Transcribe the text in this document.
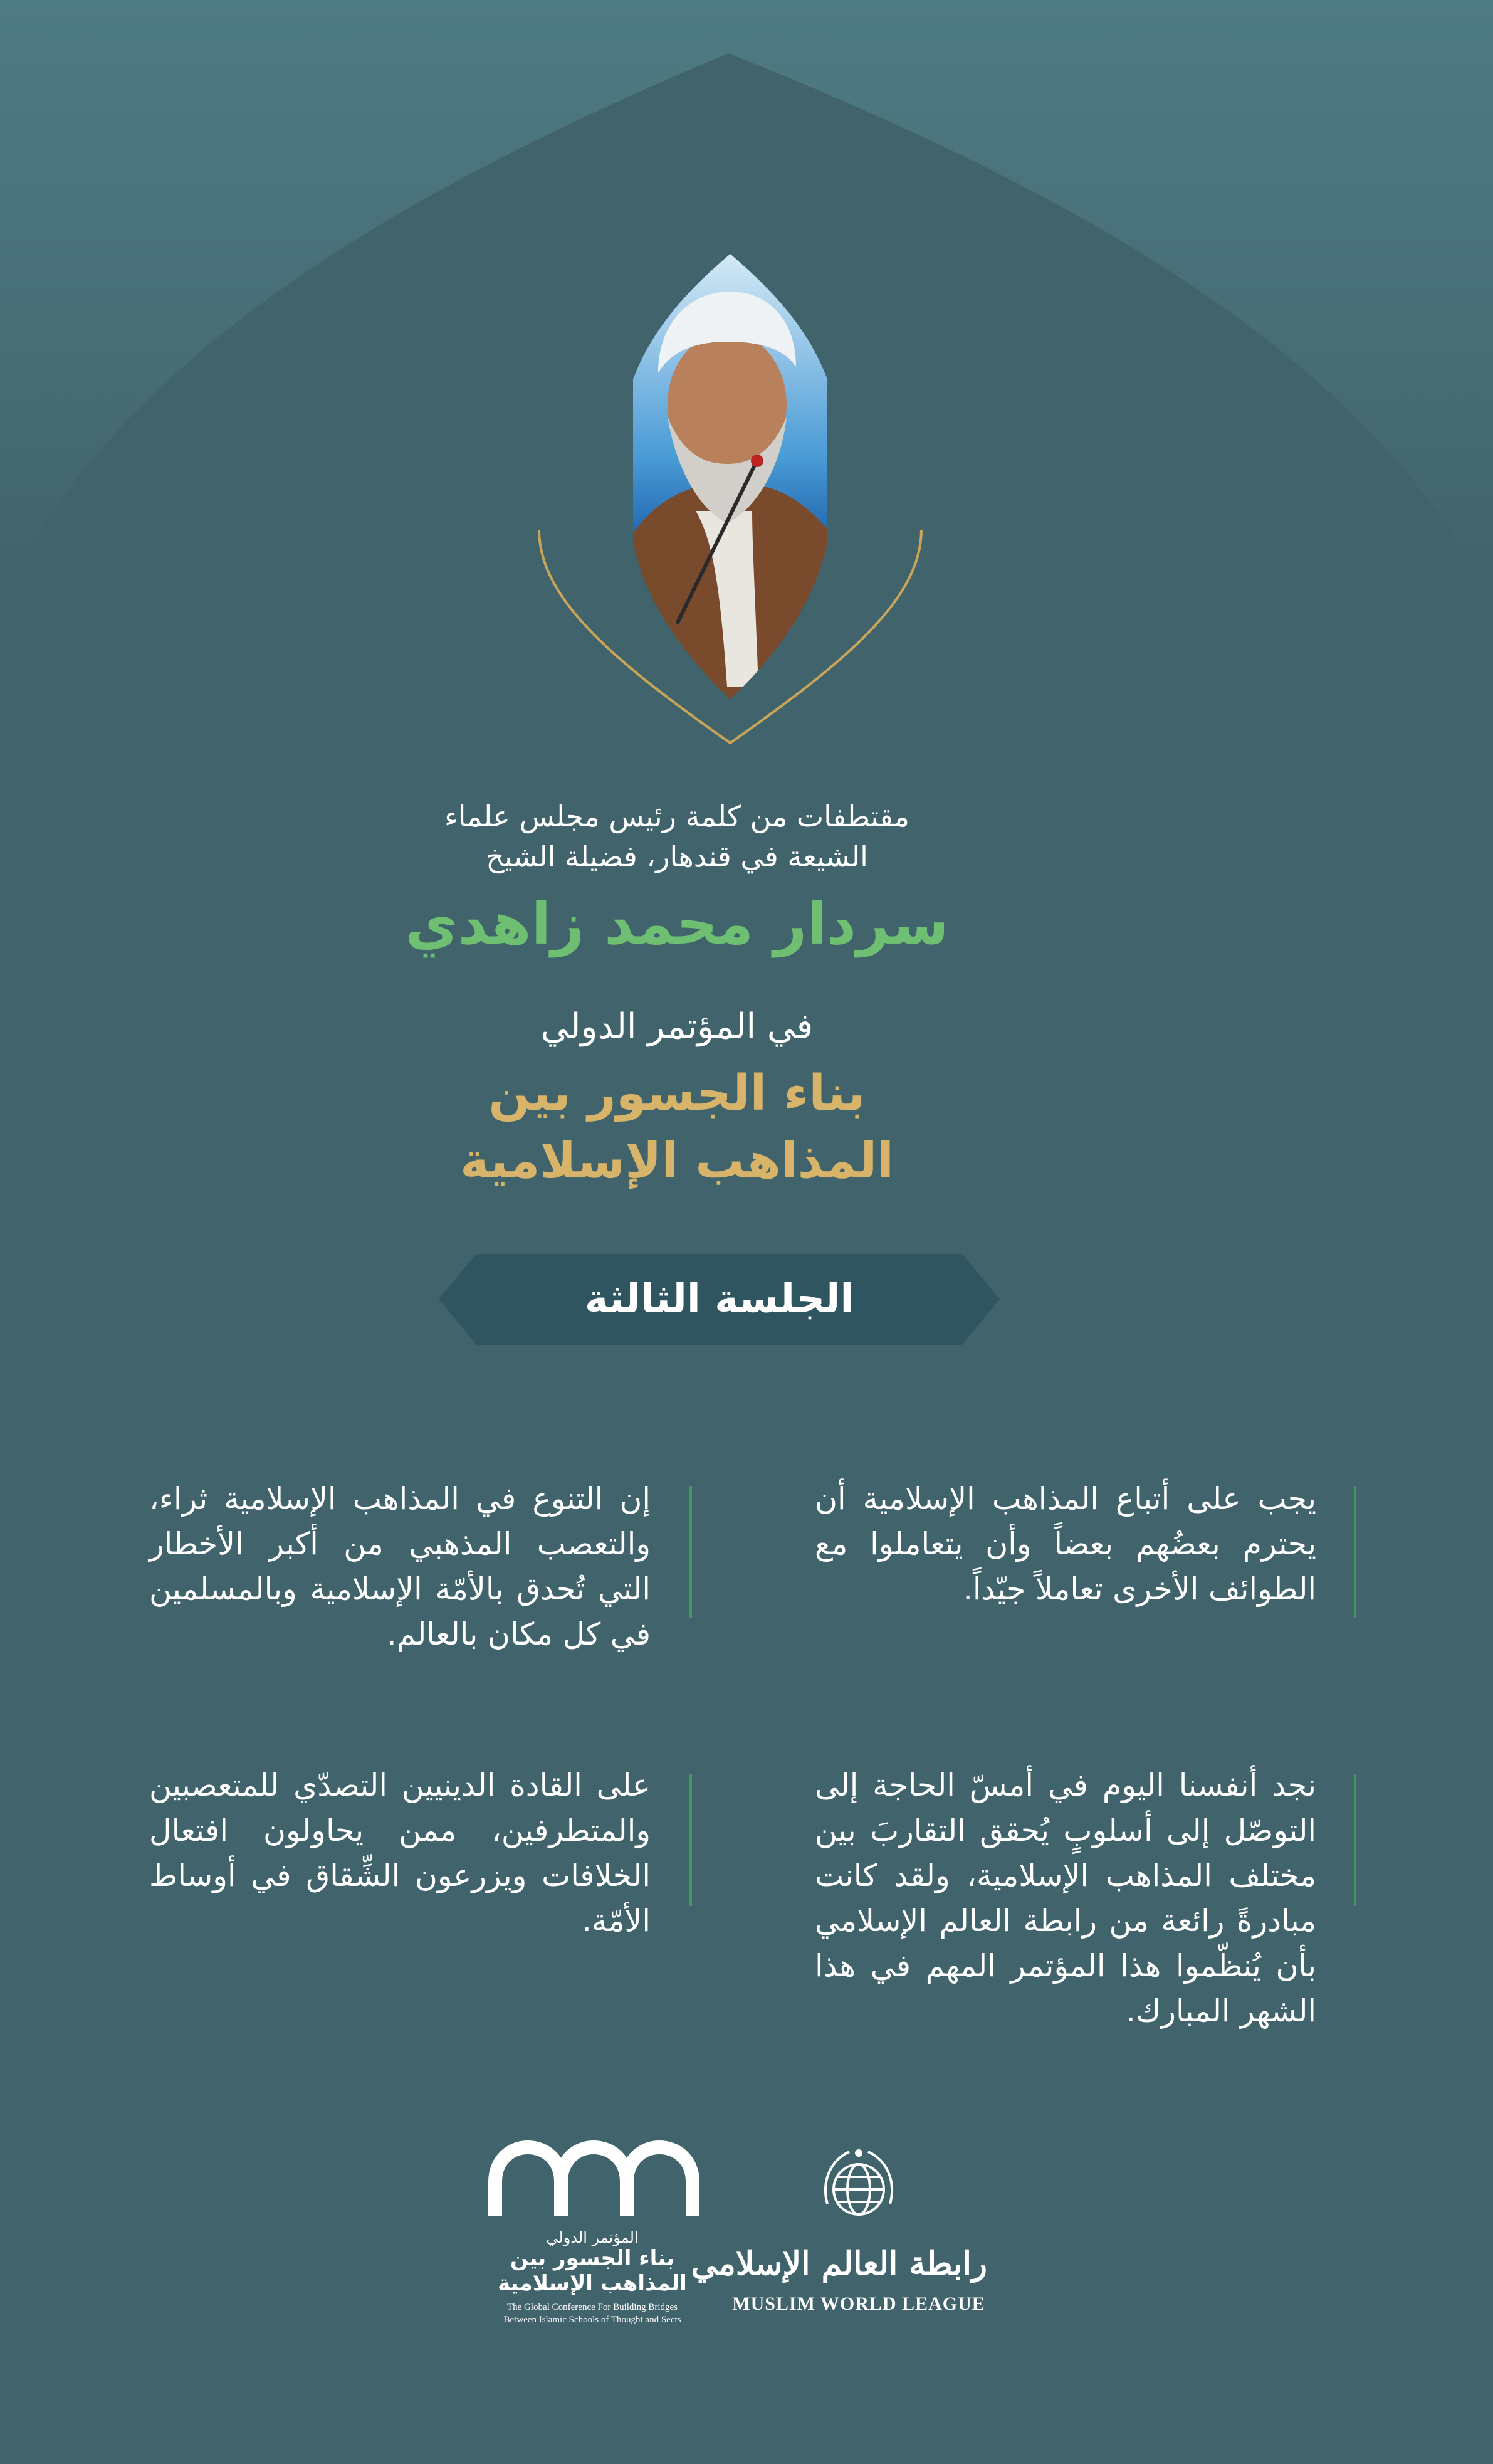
مقتطفات من كلمة رئيس مجلس علماء
الشيعة في قندهار، فضيلة الشيخ
سردار محمد زاهدي
في المؤتمر الدولي
بناء الجسور بين
المذاهب الإسلامية
الجلسة الثالثة
يجب على أتباع المذاهب الإسلامية أن يحترم بعضُهم بعضاً وأن يتعاملوا مع الطوائف الأخرى تعاملاً جيّداً.
إن التنوع في المذاهب الإسلامية ثراء، والتعصب المذهبي من أكبر الأخطار التي تُحدق بالأمّة الإسلامية وبالمسلمين في كل مكان بالعالم.
نجد أنفسنا اليوم في أمسّ الحاجة إلى التوصّل إلى أسلوبٍ يُحقق التقاربَ بين مختلف المذاهب الإسلامية، ولقد كانت مبادرةً رائعة من رابطة العالم الإسلامي بأن يُنظّموا هذا المؤتمر المهم في هذا الشهر المبارك.
على القادة الدينيين التصدّي للمتعصبين والمتطرفين، ممن يحاولون افتعال الخلافات ويزرعون الشِّقاق في أوساط الأمّة.
المؤتمر الدولي
بناء الجسور بين
المذاهب الإسلامية
The Global Conference For Building Bridges
Between Islamic Schools of Thought and Sects
رابطة العالم الإسلامي
MUSLIM WORLD LEAGUE
